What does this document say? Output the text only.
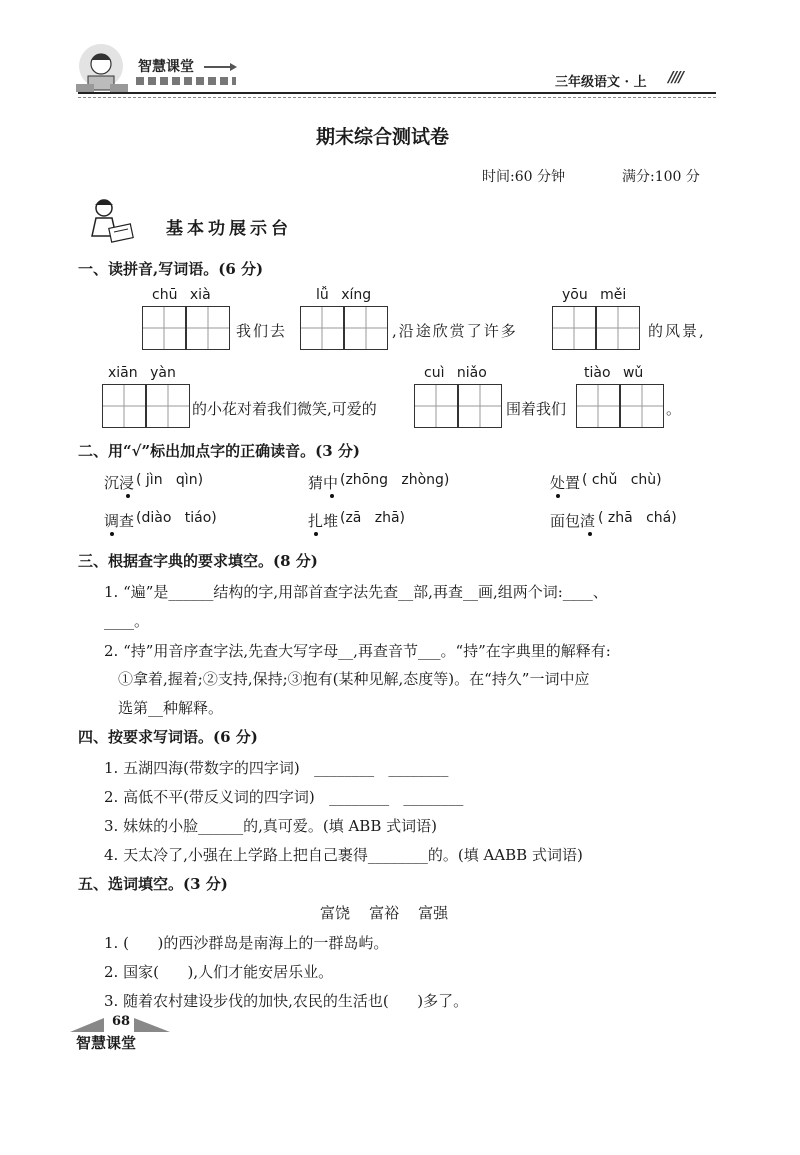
智慧课堂
三年级语文 · 上 ////
期末综合测试卷
时间:60 分钟	满分:100 分
基本功展示台
一、读拼音,写词语。(6 分)
chū xià	lǚ xíng	yōu měi
我们去	,沿途欣赏了许多	的风景,
xiān yàn	cuì niǎo	tiào wǔ
的小花对着我们微笑,可爱的	围着我们	。
二、用“√”标出加点字的正确读音。(3 分)
沉浸 ( jìn   qìn)	猜中 (zhōng   zhòng)	处置 ( chǔ   chù)
调查 (diào   tiáo)	扎堆 (zā   zhā)	面包渣 ( zhā   chá)
三、根据查字典的要求填空。(8 分)
1. “遍”是______结构的字,用部首查字法先查__部,再查__画,组两个词:____、
____。
2. “持”用音序查字法,先查大写字母__,再查音节___。“持”在字典里的解释有:
①拿着,握着;②支持,保持;③抱有(某种见解,态度等)。在“持久”一词中应
选第__种解释。
四、按要求写词语。(6 分)
1. 五湖四海(带数字的四字词)   ________   ________
2. 高低不平(带反义词的四字词)   ________   ________
3. 妹妹的小脸______的,真可爱。(填 ABB 式词语)
4. 天太冷了,小强在上学路上把自己裹得________的。(填 AABB 式词语)
五、选词填空。(3 分)
富饶    富裕    富强
1. (      )的西沙群岛是南海上的一群岛屿。
2. 国家(      ),人们才能安居乐业。
3. 随着农村建设步伐的加快,农民的生活也(      )多了。
68
智慧课堂
